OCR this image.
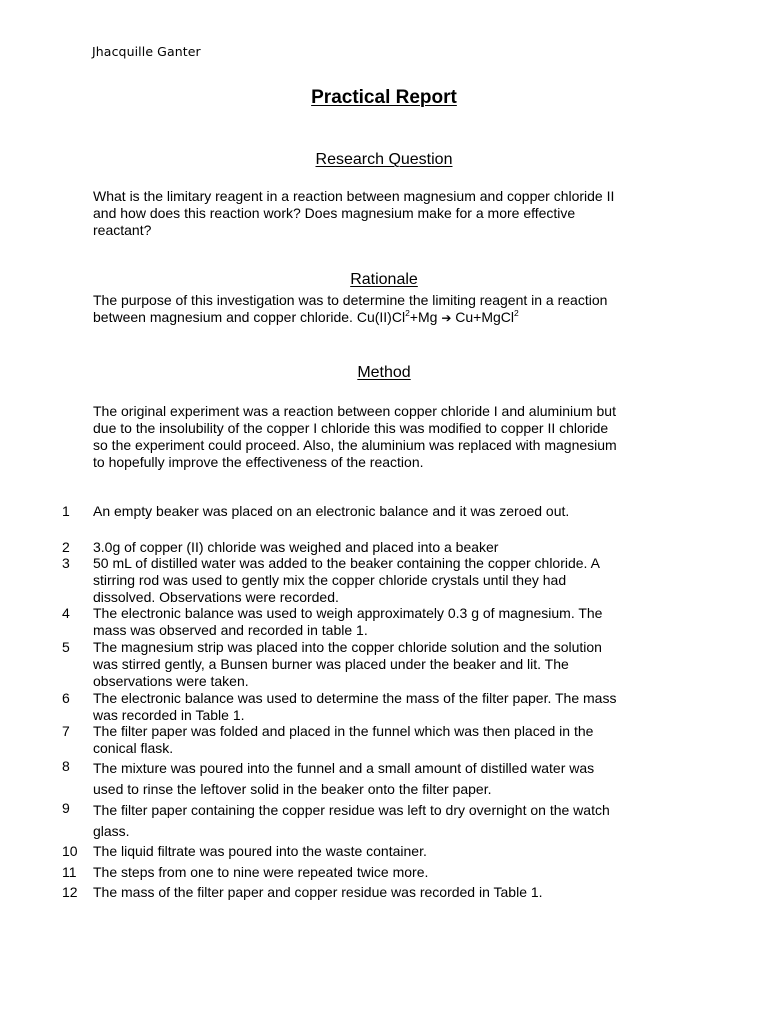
Jhacquille Ganter
Practical Report
Research Question
What is the limitary reagent in a reaction between magnesium and copper chloride II
and how does this reaction work? Does magnesium make for a more effective
reactant?
Rationale
The purpose of this investigation was to determine the limiting reagent in a reaction
between magnesium and copper chloride. $Cu(II)Cl^2+Mg$ ➔ Cu+MgCl$^2$
Method
The original experiment was a reaction between copper chloride I and aluminium but
due to the insolubility of the copper I chloride this was modified to copper II chloride
so the experiment could proceed. Also, the aluminium was replaced with magnesium
to hopefully improve the effectiveness of the reaction.
1 An empty beaker was placed on an electronic balance and it was zeroed out.
2 3.0g of copper (II) chloride was weighed and placed into a beaker
3 50 mL of distilled water was added to the beaker containing the copper chloride. A
stirring rod was used to gently mix the copper chloride crystals until they had
dissolved. Observations were recorded.
4 The electronic balance was used to weigh approximately 0.3 g of magnesium. The
mass was observed and recorded in table 1.
5 The magnesium strip was placed into the copper chloride solution and the solution
was stirred gently, a Bunsen burner was placed under the beaker and lit. The
observations were taken.
6 The electronic balance was used to determine the mass of the filter paper. The mass
was recorded in Table 1.
7 The filter paper was folded and placed in the funnel which was then placed in the
conical flask.
8 The mixture was poured into the funnel and a small amount of distilled water was
used to rinse the leftover solid in the beaker onto the filter paper.
9 The filter paper containing the copper residue was left to dry overnight on the watch
glass.
10 The liquid filtrate was poured into the waste container.
11 The steps from one to nine were repeated twice more.
12 The mass of the filter paper and copper residue was recorded in Table 1.
